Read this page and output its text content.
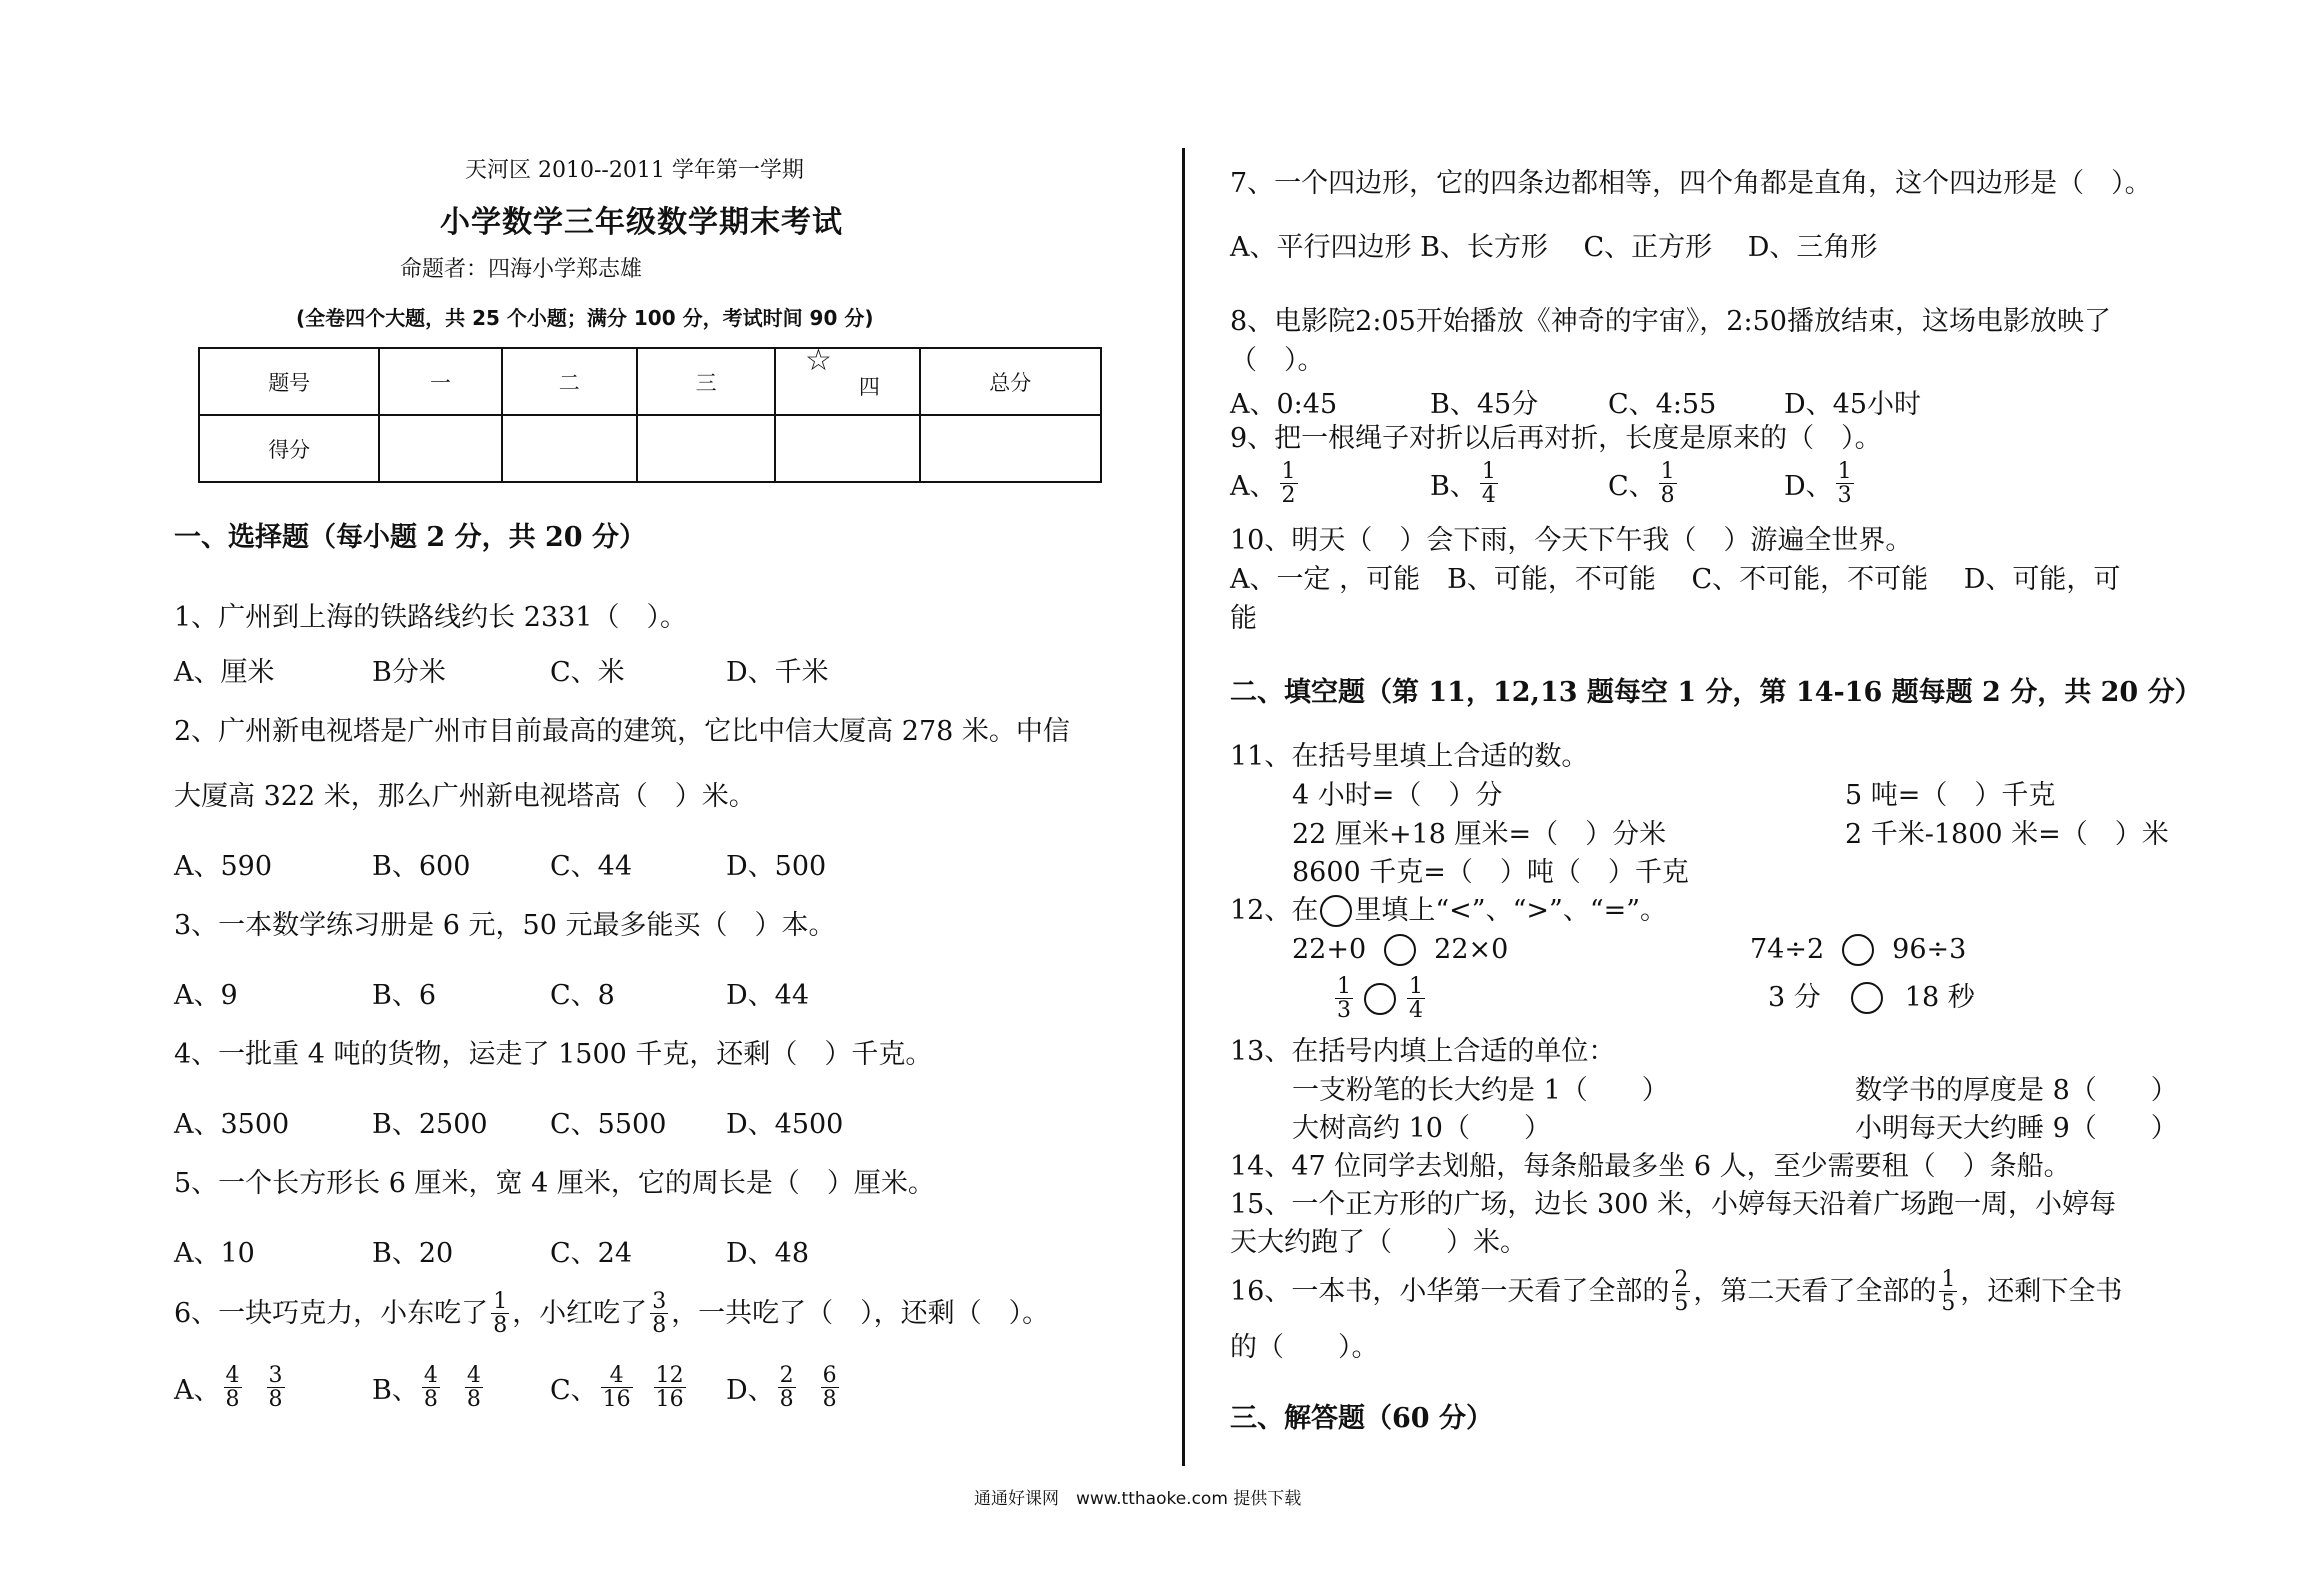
天河区 2010--2011 学年第一学期
小学数学三年级数学期末考试
命题者：四海小学郑志雄
(全卷四个大题，共 25 个小题；满分 100 分，考试时间 90 分)
题号	一	二	三	四	总分
得分					
☆
一、选择题（每小题 2 分，共 20 分）
1、广州到上海的铁路线约长 2331（　）。
A、厘米	B分米	C、米	D、千米
2、广州新电视塔是广州市目前最高的建筑，它比中信大厦高 278 米。中信
大厦高 322 米，那么广州新电视塔高（　）米。
A、590	B、600	C、44	D、500
3、一本数学练习册是 6 元，50 元最多能买（　）本。
A、9	B、6	C、8	D、44
4、一批重 4 吨的货物，运走了 1500 千克，还剩（　）千克。
A、3500	B、2500 C、5500 D、4500
5、一个长方形长 6 厘米，宽 4 厘米，它的周长是（　）厘米。
A、10	B、20	C、24	D、48
6、一块巧克力，小东吃了 $\frac{1}{8}$ ，小红吃了 $\frac{3}{8}$ ，一共吃了（　），还剩（　）。
A、 $\frac{4}{8} \frac{3}{8}$	B、 $\frac{4}{8} \frac{4}{8}$ C、 $\frac{4}{16} \frac{12}{16}$ D、 $\frac{2}{8} \frac{6}{8}$
7、一个四边形，它的四条边都相等，四个角都是直角，这个四边形是（　）。
A、平行四边形 B、长方形　 C、正方形　 D、三角形
8、电影院2:05开始播放《神奇的宇宙》，2:50播放结束，这场电影放映了
（　）。
A、0:45	B、45分	C、4:55	D、45小时
9、把一根绳子对折以后再对折，长度是原来的（　）。
A、 $\frac{1}{2}$	B、 $\frac{1}{4}$	C、 $\frac{1}{8}$	D、 $\frac{1}{3}$
10、明天（　）会下雨，今天下午我（　）游遍全世界。
A、一定 ，可能　B、可能，不可能　 C、不可能，不可能　 D、可能，可
能
二、填空题（第 11，12,13 题每空 1 分，第 14-16 题每题 2 分，共 20 分）
11、在括号里填上合适的数。
4 小时=（　）分	5 吨=（　）千克
22 厘米+18 厘米=（　）分米	2 千米-1800 米=（　）米
8600 千克=（　）吨（　）千克
12、在 里填上“<”、“>”、“=”。
22+0	22×0	74÷2	96÷3
$\frac{1}{3} \frac{1}{4}$	3 分	18 秒
13、在括号内填上合适的单位：
一支粉笔的长大约是 1（　　）	数学书的厚度是 8（　　）
大树高约 10（　　）	小明每天大约睡 9（　　）
14、47 位同学去划船，每条船最多坐 6 人，至少需要租（　）条船。
15、一个正方形的广场，边长 300 米，小婷每天沿着广场跑一周，小婷每
天大约跑了（　　）米。
16、一本书，小华第一天看了全部的 $\frac{2}{5}$ ，第二天看了全部的 $\frac{1}{5}$ ，还剩下全书
的（　　）。
三、解答题（60 分）
通通好课网　www.tthaoke.com 提供下载
